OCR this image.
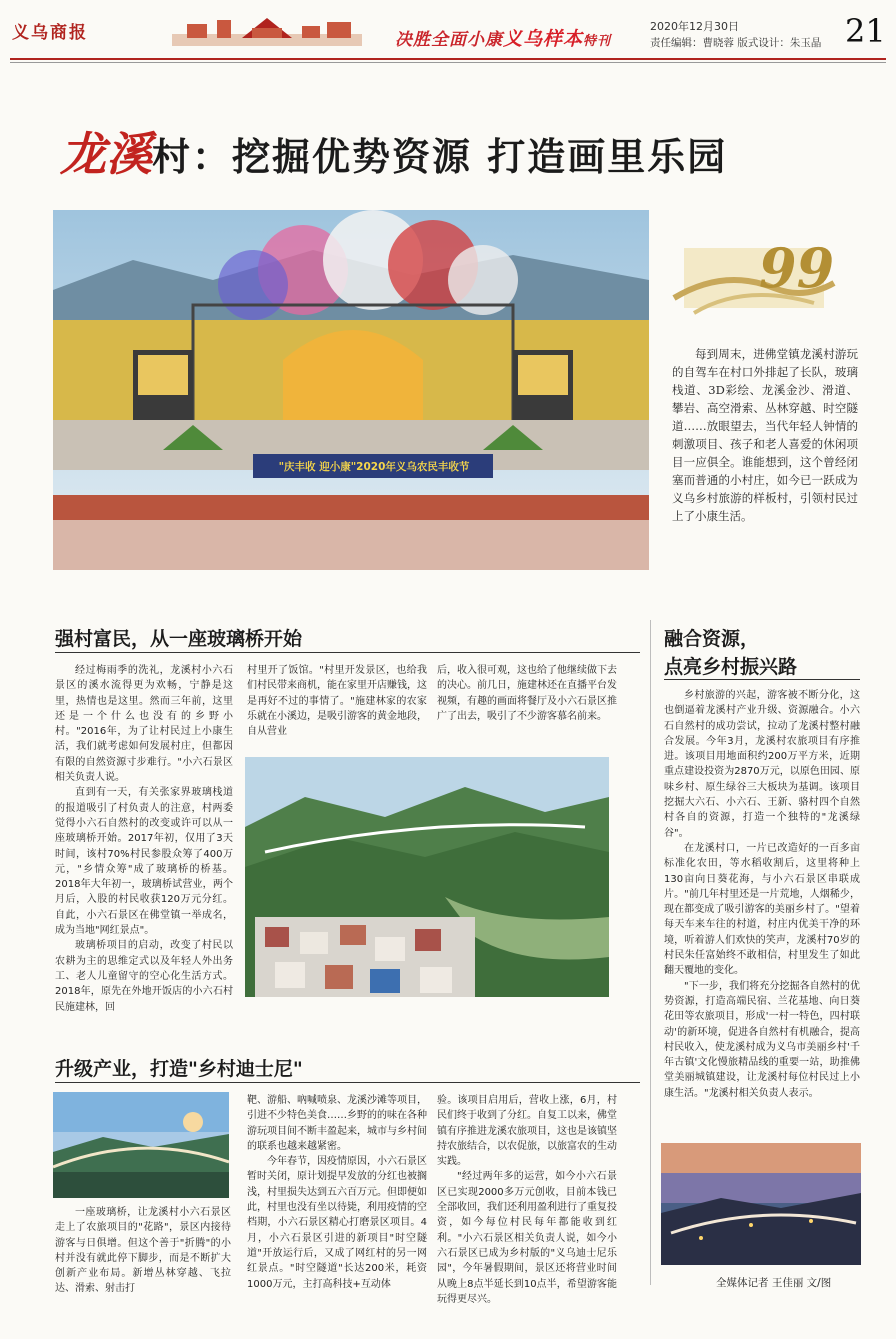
义乌商报	决胜全面小康义乌样本特刊
2020年12月30日
责任编辑：曹晓蓉 版式设计：朱玉晶 21
龙溪村：挖掘优势资源 打造画里乐园
"庆丰收 迎小康"2020年义乌农民丰收节
99
每到周末，进佛堂镇龙溪村游玩的自驾车在村口外排起了长队，玻璃栈道、3D彩绘、龙溪金沙、滑道、攀岩、高空滑索、丛林穿越、时空隧道……放眼望去，当代年轻人钟情的刺激项目、孩子和老人喜爱的休闲项目一应俱全。谁能想到，这个曾经闭塞而普通的小村庄，如今已一跃成为义乌乡村旅游的样板村，引领村民过上了小康生活。
强村富民，从一座玻璃桥开始

经过梅雨季的洗礼，龙溪村小六石景区的溪水流得更为欢畅，宁静是这里，热情也是这里。然而三年前，这里还是一个什么也没有的乡野小村。"2016年，为了让村民过上小康生活，我们就考虑如何发展村庄，但都因有限的自然资源寸步难行。"小六石景区相关负责人说。

直到有一天，有关张家界玻璃栈道的报道吸引了村负责人的注意，村两委觉得小六石自然村的改变或许可以从一座玻璃桥开始。2017年初，仅用了3天时间，该村70%村民参股众筹了400万元，"乡情众筹"成了玻璃桥的桥基。2018年大年初一，玻璃桥试营业，两个月后，入股的村民收获120万元分红。自此，小六石景区在佛堂镇一举成名，成为当地"网红景点"。

玻璃桥项目的启动，改变了村民以农耕为主的思维定式以及年轻人外出务工、老人儿童留守的空心化生活方式。2018年，原先在外地开饭店的小六石村民施建林，回

村里开了饭馆。"村里开发景区，也给我们村民带来商机，能在家里开店赚钱，这是再好不过的事情了。"施建林家的农家乐就在小溪边，是吸引游客的黄金地段，自从营业

后，收入很可观，这也给了他继续做下去的决心。前几日，施建林还在直播平台发视频，有趣的画面将餐厅及小六石景区推广了出去，吸引了不少游客慕名前来。

升级产业，打造"乡村迪士尼"
一座玻璃桥，让龙溪村小六石景区走上了农旅项目的"花路"，景区内接待游客与日俱增。但这个善于"折腾"的小村并没有就此停下脚步，而是不断扩大创新产业布局。新增丛林穿越、飞拉达、滑索、射击打

靶、游船、吶喊喷泉、龙溪沙滩等项目，引进不少特色美食……乡野的的味在各种游玩项目间不断丰盈起来，城市与乡村间的联系也越来越紧密。

今年春节，因疫情原因，小六石景区暂时关闭，原计划提早发放的分红也被搁浅，村里损失达到五六百万元。但即便如此，村里也没有坐以待毙，利用疫情的空档期，小六石景区精心打磨景区项目。4月，小六石景区引进的新项目"时空隧道"开放运行后，又成了网红村的另一网红景点。"时空隧道"长达200米，耗资1000万元，主打高科技+互动体

验。该项目启用后，营收上涨，6月，村民们终于收到了分红。自复工以来，佛堂镇有序推进龙溪农旅项目，这也是该镇坚持农旅结合，以农促旅，以旅富农的生动实践。

"经过两年多的运营，如今小六石景区已实现2000多万元创收，目前本钱已全部收回，我们还利用盈利进行了重复投资，如今每位村民每年都能收到红利。"小六石景区相关负责人说，如今小六石景区已成为乡村版的"义乌迪士尼乐园"，今年暑假期间，景区还将营业时间从晚上8点半延长到10点半，希望游客能玩得更尽兴。

融合资源，
点亮乡村振兴路

乡村旅游的兴起，游客被不断分化，这也倒逼着龙溪村产业升级、资源融合。小六石自然村的成功尝试，拉动了龙溪村整村融合发展。今年3月，龙溪村农旅项目有序推进。该项目用地面积约200万平方米，近期重点建设投资为2870万元，以原色田园、原味乡村、原生绿谷三大板块为基调。该项目挖掘大六石、小六石、王新、骆村四个自然村各自的资源，打造一个独特的"龙溪绿谷"。

在龙溪村口，一片已改造好的一百多亩标准化农田，等水稻收割后，这里将种上130亩向日葵花海，与小六石景区串联成片。"前几年村里还是一片荒地，人烟稀少，现在都变成了吸引游客的美丽乡村了。"望着每天车来车往的村道，村庄内优美干净的环境，听着游人们欢快的笑声，龙溪村70岁的村民朱任富始终不敢相信，村里发生了如此翻天覆地的变化。

"下一步，我们将充分挖掘各自然村的优势资源，打造高端民宿、兰花基地、向日葵花田等农旅项目，形成'一村一特色，四村联动'的新环境，促进各自然村有机融合，提高村民收入，使龙溪村成为义乌市美丽乡村'千年古镇'文化慢旅精品线的重要一站，助推佛堂美丽城镇建设，让龙溪村每位村民过上小康生活。"龙溪村相关负责人表示。

全媒体记者 王佳丽 文/图
